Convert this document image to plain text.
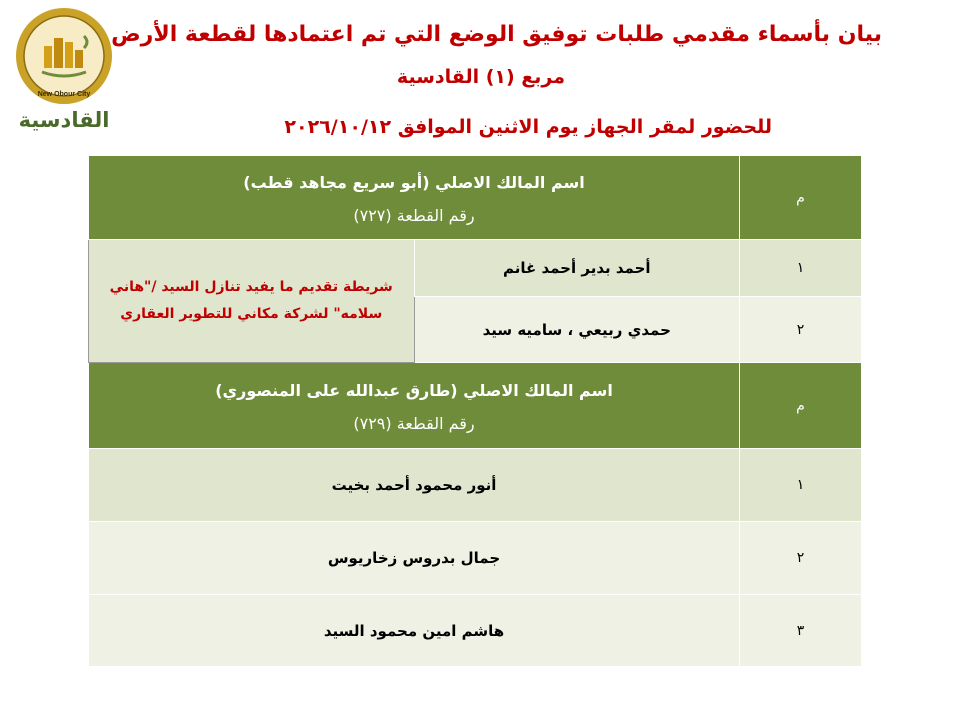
New Obour City
القادسية
بيان بأسماء مقدمي طلبات توفيق الوضع التي تم اعتمادها لقطعة الأرض
مربع (١) القادسية
للحضور لمقر الجهاز يوم الاثنين الموافق ٢٠٢٦/١٠/١٢
م	اسم المالك الاصلي (أبو سريع مجاهد قطب)
رقم القطعة (٧٢٧)	

١	أحمد بدير أحمد غانم	شريطة تقديم ما يفيد تنازل السيد /"هاني سلامه" لشركة مكاني للتطوير العقاري
٢	حمدي ربيعي ، ساميه سيد	
م	اسم المالك الاصلي (طارق عبدالله على المنصوري)
رقم القطعة (٧٢٩)	

١	أنور محمود أحمد بخيت	
٢	جمال بدروس زخاريوس	
٣	هاشم امين محمود السيد	
